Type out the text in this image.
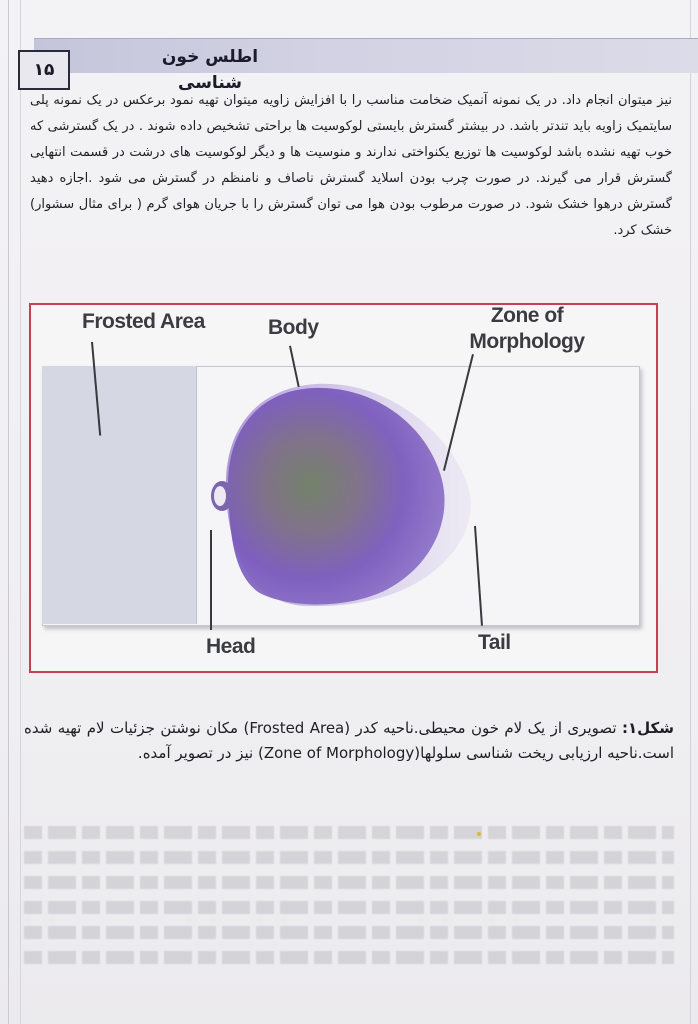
اطلس خون شناسی
۱۵
نیز میتوان انجام داد. در یک نمونه آنمیک ضخامت مناسب را با افزایش زاویه میتوان تهیه نمود برعکس در یک نمونه پلی سایتمیک زاویه باید تندتر باشد. در بیشتر گسترش بایستی لوکوسیت ها براحتی تشخیص داده شوند . در یک گسترشی که خوب تهیه نشده باشد لوکوسیت ها توزیع یکنواختی ندارند و منوسیت ها و دیگر لوکوسیت های درشت در قسمت انتهایی گسترش قرار می گیرند. در صورت چرب بودن اسلاید گسترش ناصاف و نامنظم در گسترش می شود .اجازه دهید گسترش درهوا خشک شود. در صورت مرطوب بودن هوا می توان گسترش را با جریان هوای گرم ( برای مثال سشوار) خشک کرد.
Frosted Area	Body
Zone of
Morphology
Head	Tail
شکل۱: تصویری از یک لام خون محیطی.ناحیه کدر (Frosted Area) مکان نوشتن جزئیات لام تهیه شده است.ناحیه ارزیابی ریخت شناسی سلولها(Zone of Morphology) نیز در تصویر آمده.
